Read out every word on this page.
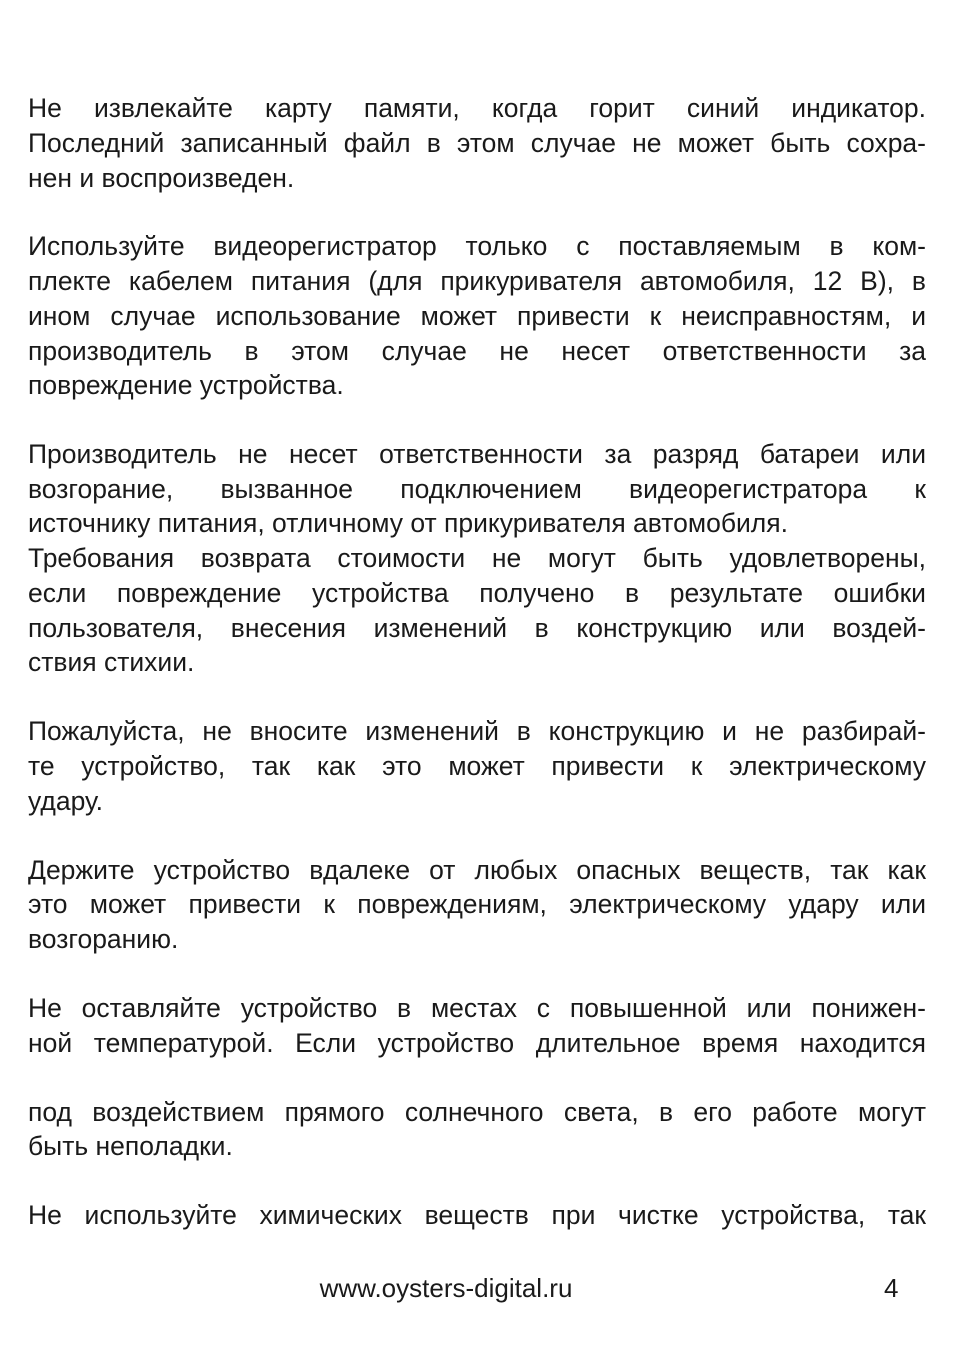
Не извлекайте карту памяти, когда горит синий индикатор.
Последний записанный файл в этом случае не может быть сохра-
нен и воспроизведен.
Используйте видеорегистратор только с поставляемым в ком-
плекте кабелем питания (для прикуривателя автомобиля, 12 В), в
ином случае использование может привести к неисправностям, и
производитель в этом случае не несет ответственности за
повреждение устройства.
Производитель не несет ответственности за разряд батареи или
возгорание, вызванное подключением видеорегистратора к
источнику питания, отличному от прикуривателя автомобиля.
Требования возврата стоимости не могут быть удовлетворены,
если повреждение устройства получено в результате ошибки
пользователя, внесения изменений в конструкцию или воздей-
ствия стихии.
Пожалуйста, не вносите изменений в конструкцию и не разбирай-
те устройство, так как это может привести к электрическому
удару.
Держите устройство вдалеке от любых опасных веществ, так как
это может привести к повреждениям, электрическому удару или
возгоранию.
Не оставляйте устройство в местах с повышенной или понижен-
ной температурой. Если устройство длительное время находится
под воздействием прямого солнечного света, в его работе могут
быть неполадки.
Не используйте химических веществ при чистке устройства, так
www.oysters-digital.ru	4
